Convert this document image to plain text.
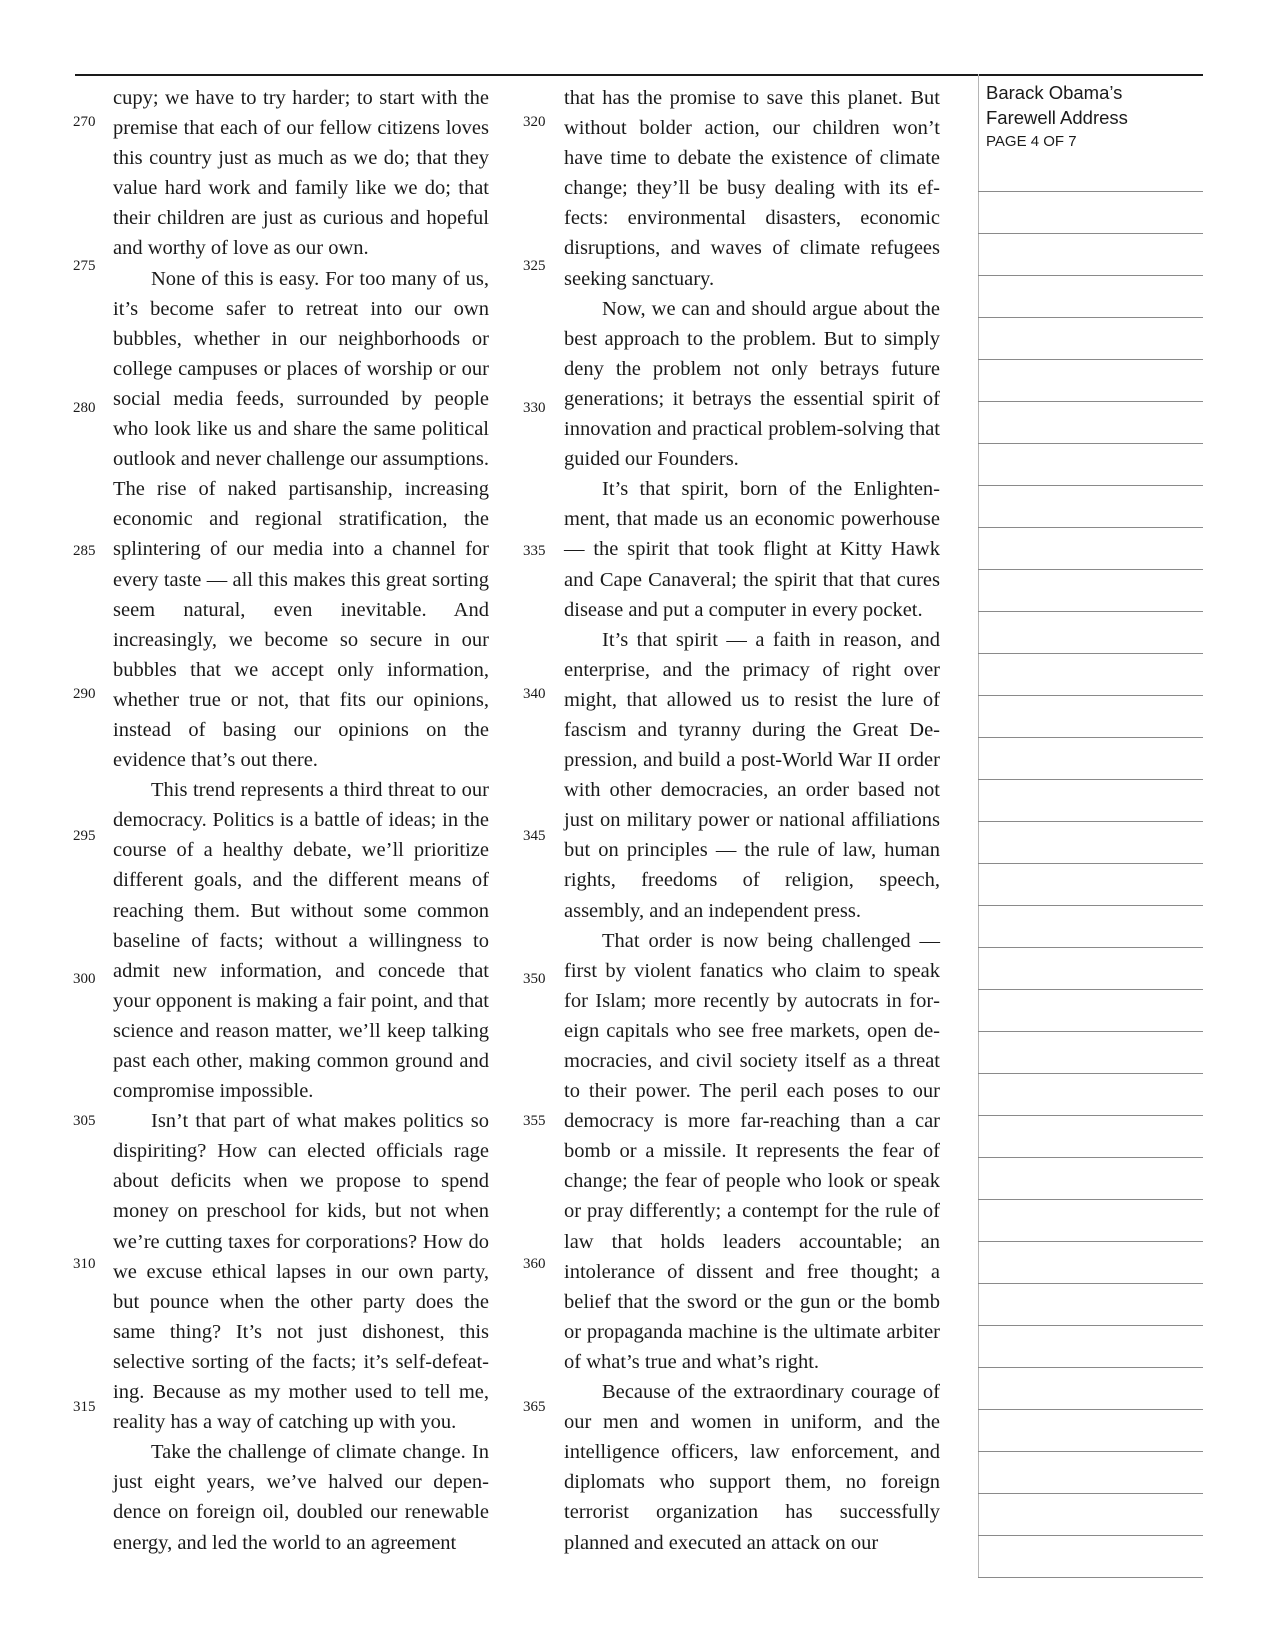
270
275
280
285
290
295
300
305
310
315
320
325
330
335
340
345
350
355
360
365

cupy; we have to try harder; to start with the premise that each of our fellow citizens loves this country just as much as we do; that they value hard work and family like we do; that their children are just as curious and hopeful and worthy of love as our own.

None of this is easy. For too many of us, it’s become safer to retreat into our own bubbles, whether in our neighborhoods or college campuses or places of worship or our social media feeds, surrounded by people who look like us and share the same political outlook and never challenge our assumptions. The rise of naked partisanship, increasing economic and regional stratification, the splintering of our media into a channel for every taste — all this makes this great sorting seem natural, even inevitable. And increasingly, we become so secure in our bubbles that we accept only information, whether true or not, that fits our opinions, instead of basing our opinions on the evidence that’s out there.

This trend represents a third threat to our democracy. Politics is a battle of ideas; in the course of a healthy debate, we’ll prioritize different goals, and the different means of reaching them. But without some common baseline of facts; without a willingness to admit new information, and concede that your opponent is making a fair point, and that science and reason matter, we’ll keep talking past each other, making common ground and compromise impossible.

Isn’t that part of what makes politics so dispiriting? How can elected officials rage about deficits when we propose to spend money on preschool for kids, but not when we’re cutting taxes for corporations? How do we excuse ethical lapses in our own party, but pounce when the other party does the same thing? It’s not just dishonest, this selective sorting of the facts; it’s self-defeating. Because as my mother used to tell me, reality has a way of catching up with you.

Take the challenge of climate change. In just eight years, we’ve halved our dependence on foreign oil, doubled our renewable energy, and led the world to an agreement

that has the promise to save this planet. But without bolder action, our children won’t have time to debate the existence of climate change; they’ll be busy dealing with its effects: environmental disasters, economic disruptions, and waves of climate refugees seeking sanctuary.

Now, we can and should argue about the best approach to the problem. But to simply deny the problem not only betrays future generations; it betrays the essential spirit of innovation and practical problem-solving that guided our Founders.

It’s that spirit, born of the Enlightenment, that made us an economic powerhouse — the spirit that took flight at Kitty Hawk and Cape Canaveral; the spirit that that cures disease and put a computer in every pocket.

It’s that spirit — a faith in reason, and enterprise, and the primacy of right over might, that allowed us to resist the lure of fascism and tyranny during the Great Depression, and build a post-World War II order with other democracies, an order based not just on military power or national affiliations but on principles — the rule of law, human rights, freedoms of religion, speech, assembly, and an independent press.

That order is now being challenged — first by violent fanatics who claim to speak for Islam; more recently by autocrats in foreign capitals who see free markets, open democracies, and civil society itself as a threat to their power. The peril each poses to our democracy is more far-reaching than a car bomb or a missile. It represents the fear of change; the fear of people who look or speak or pray differently; a contempt for the rule of law that holds leaders accountable; an intolerance of dissent and free thought; a belief that the sword or the gun or the bomb or propaganda machine is the ultimate arbiter of what’s true and what’s right.

Because of the extraordinary courage of our men and women in uniform, and the intelligence officers, law enforcement, and diplomats who support them, no foreign terrorist organization has successfully planned and executed an attack on our

Barack Obama’s

Farewell Address

PAGE 4 OF 7
